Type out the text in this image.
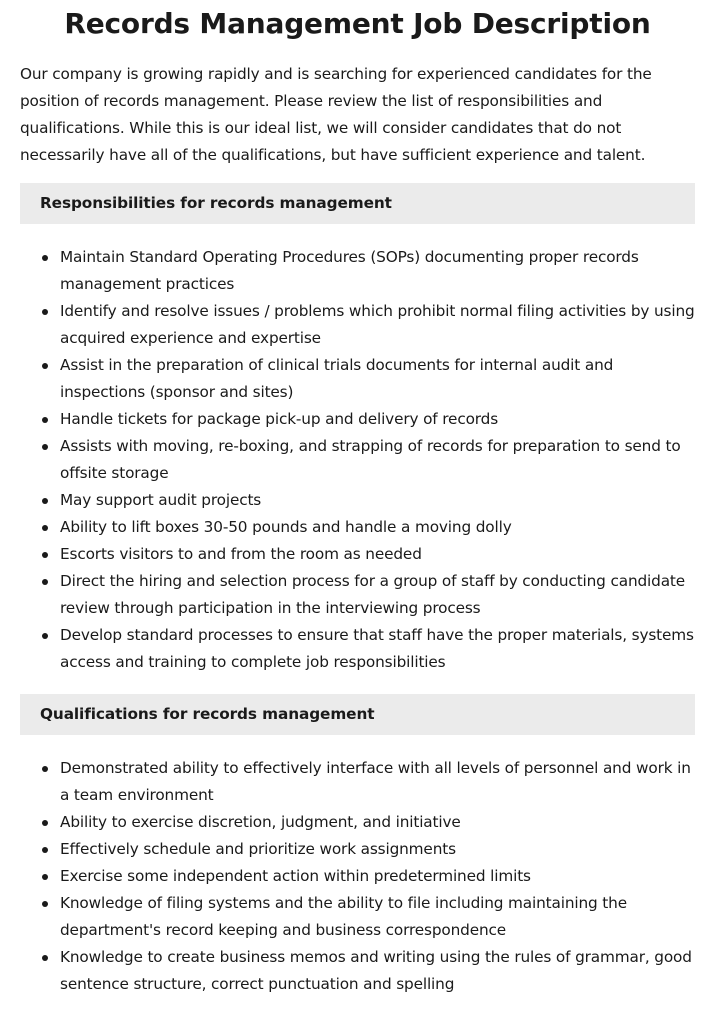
Records Management Job Description

Our company is growing rapidly and is searching for experienced candidates for the position of records management. Please review the list of responsibilities and qualifications. While this is our ideal list, we will consider candidates that do not necessarily have all of the qualifications, but have sufficient experience and talent.

Responsibilities for records management
Maintain Standard Operating Procedures (SOPs) documenting proper records management practices
Identify and resolve issues / problems which prohibit normal filing activities by using acquired experience and expertise
Assist in the preparation of clinical trials documents for internal audit and inspections (sponsor and sites)
Handle tickets for package pick-up and delivery of records
Assists with moving, re-boxing, and strapping of records for preparation to send to offsite storage
May support audit projects
Ability to lift boxes 30-50 pounds and handle a moving dolly
Escorts visitors to and from the room as needed
Direct the hiring and selection process for a group of staff by conducting candidate review through participation in the interviewing process
Develop standard processes to ensure that staff have the proper materials, systems access and training to complete job responsibilities
Qualifications for records management
Demonstrated ability to effectively interface with all levels of personnel and work in a team environment
Ability to exercise discretion, judgment, and initiative
Effectively schedule and prioritize work assignments
Exercise some independent action within predetermined limits
Knowledge of filing systems and the ability to file including maintaining the department's record keeping and business correspondence
Knowledge to create business memos and writing using the rules of grammar, good sentence structure, correct punctuation and spelling
